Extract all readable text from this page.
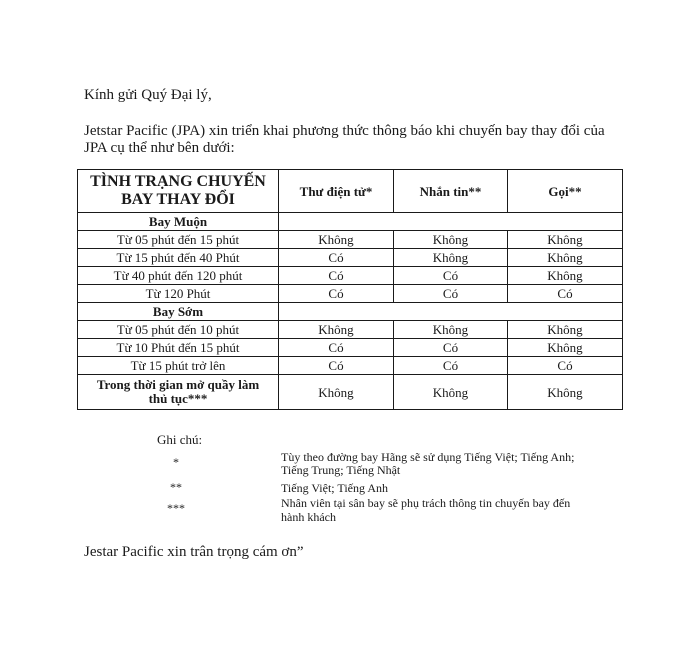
Kính gửi Quý Đại lý,
Jetstar Pacific (JPA) xin triển khai phương thức thông báo khi chuyến bay thay đổi của
JPA cụ thể như bên dưới:
TÌNH TRẠNG CHUYẾN
BAY THAY ĐỔI	Thư điện tử*	Nhắn tin**	Gọi**
Bay Muộn			
Từ 05 phút đến 15 phút	Không	Không	Không
Từ 15 phút đến 40 Phút	Có	Không	Không
Từ 40 phút đến 120 phút	Có	Có	Không
Từ 120 Phút	Có	Có	Có
Bay Sớm			
Từ 05 phút đến 10 phút	Không	Không	Không
Từ 10 Phút đến 15 phút	Có	Có	Không
Từ 15 phút trở lên	Có	Có	Có
Trong thời gian mở quầy làm
thủ tục***	Không	Không	Không
Ghi chú:
*	Tùy theo đường bay Hãng sẽ sử dụng Tiếng Việt; Tiếng Anh;
Tiếng Trung; Tiếng Nhật
**	Tiếng Việt; Tiếng Anh
***	Nhân viên tại sân bay sẽ phụ trách thông tin chuyến bay đến
hành khách
Jestar Pacific xin trân trọng cám ơn”
